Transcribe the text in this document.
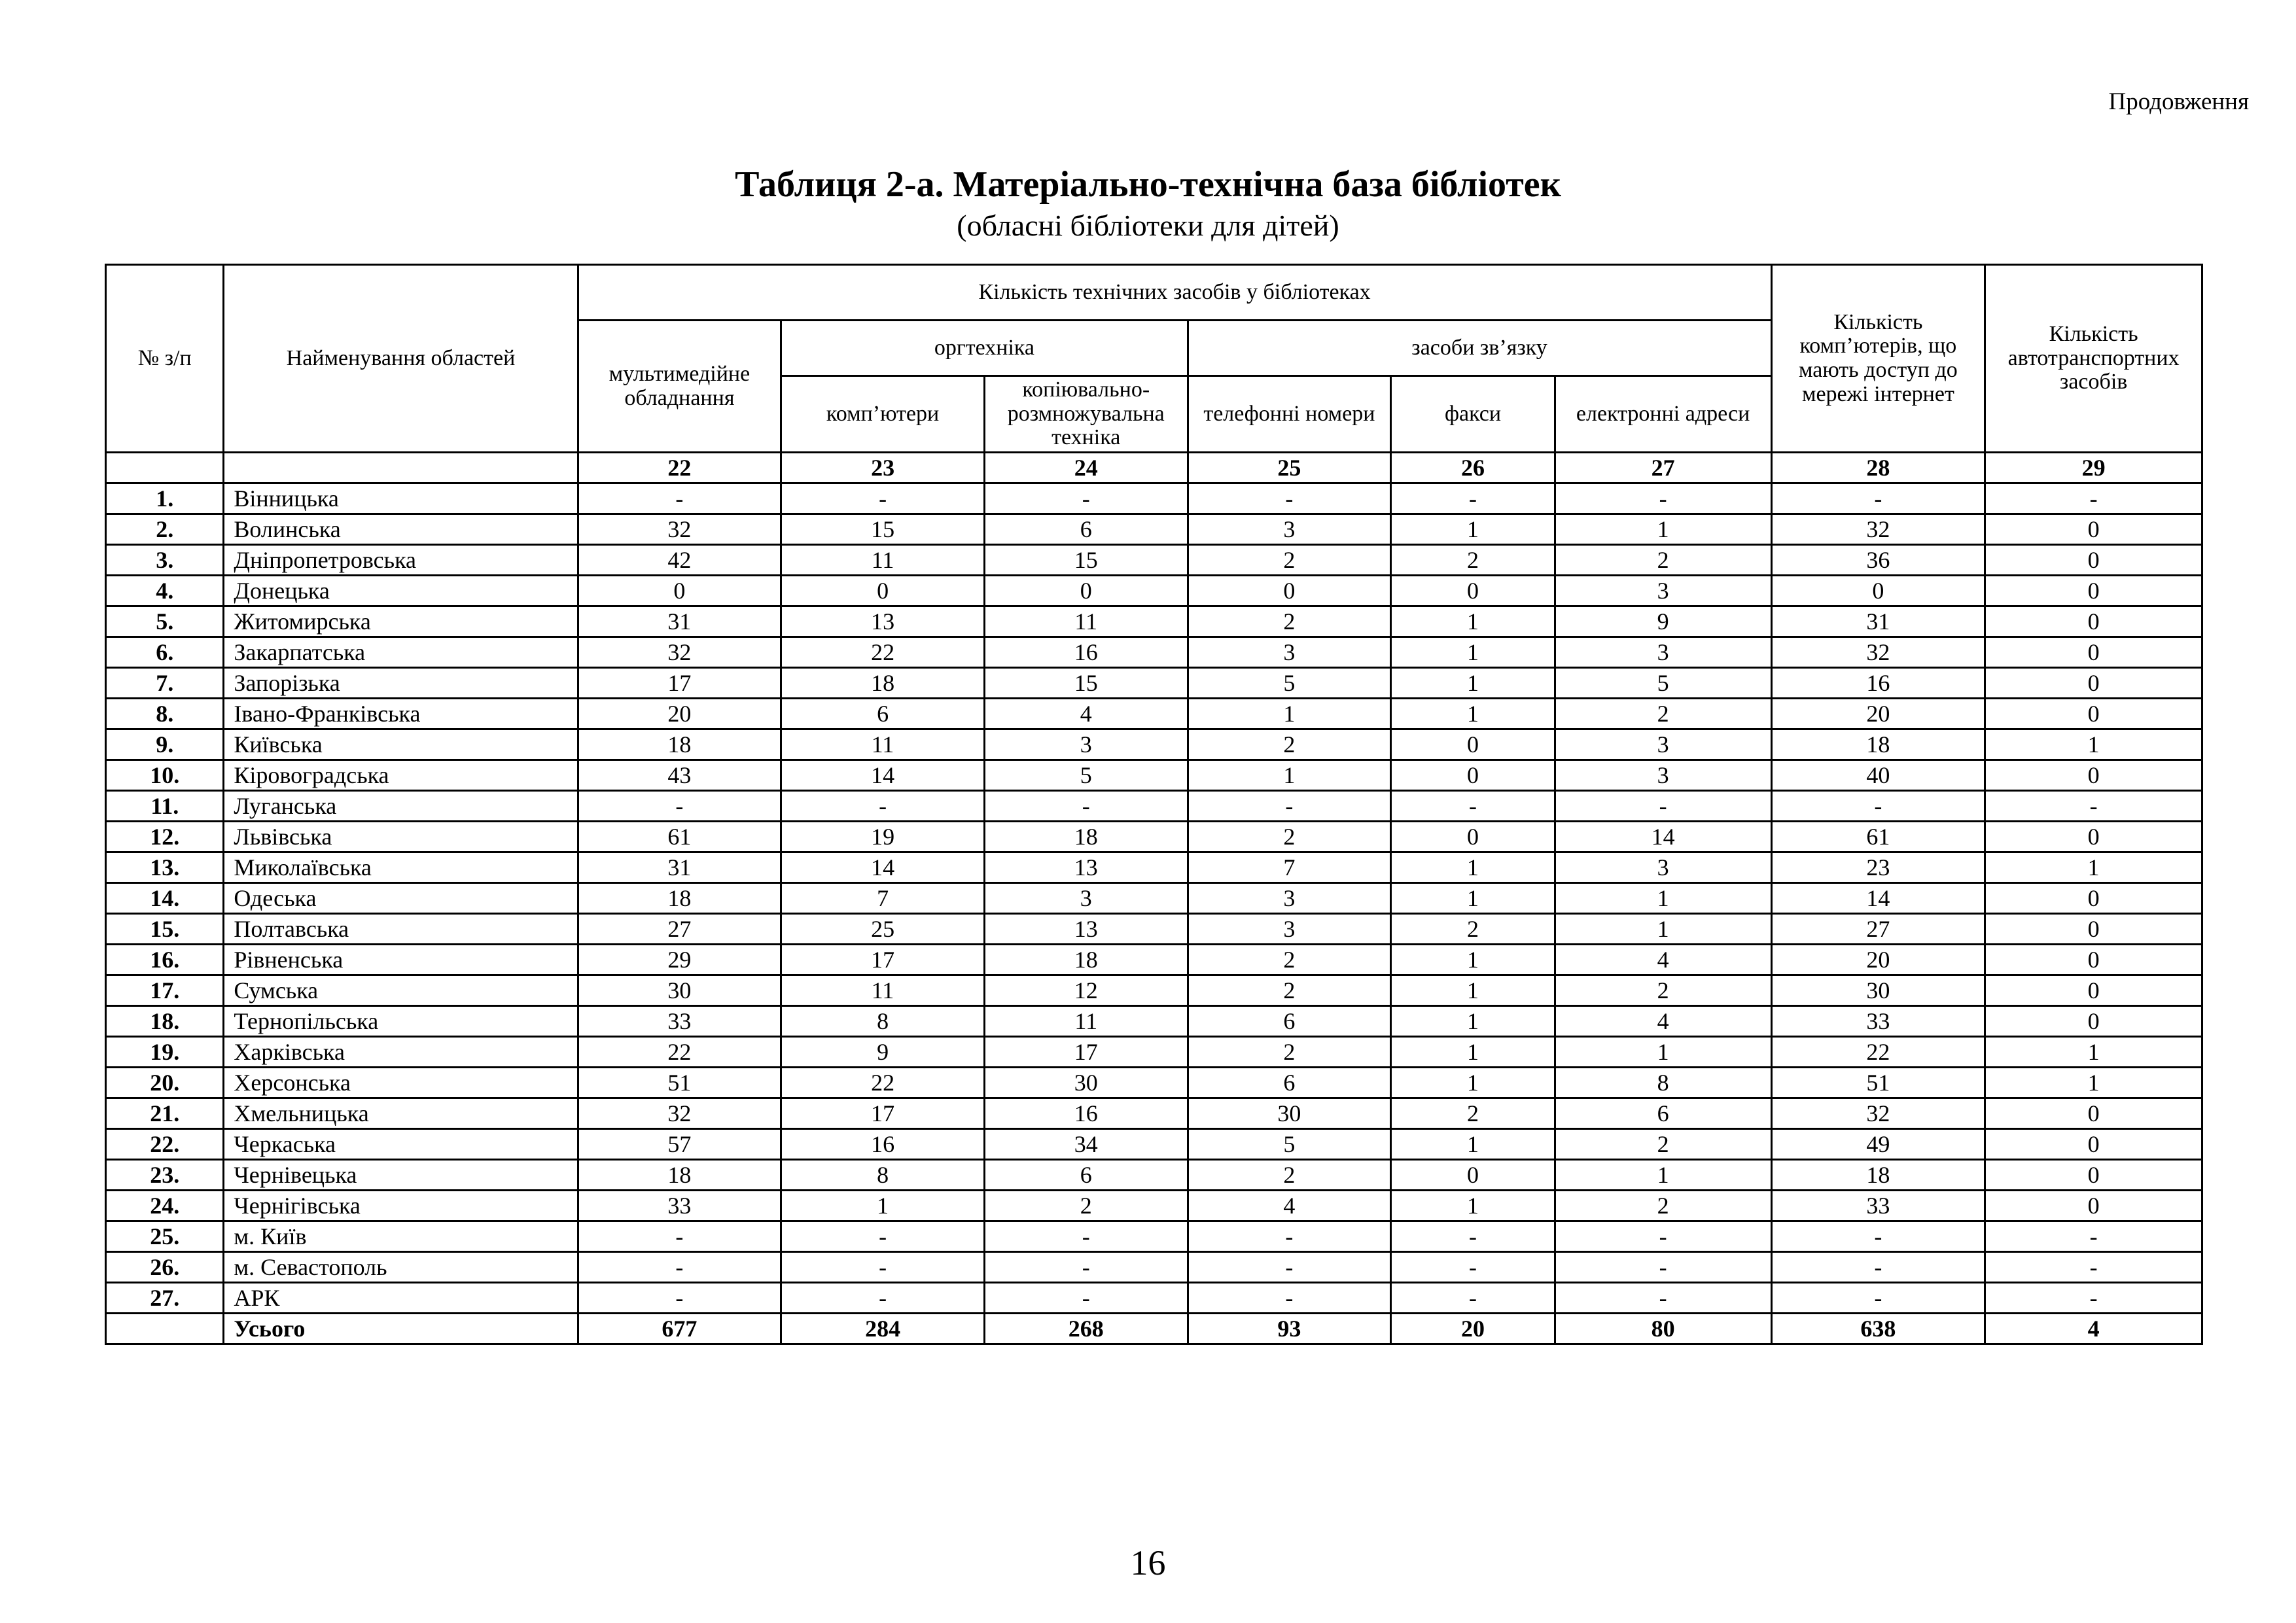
Продовження
Таблиця 2-а. Матеріально-технічна база бібліотек
(обласні бібліотеки для дітей)
№ з/п	Найменування областей	Кількість технічних засобів у бібліотеках						Кількість комп’ютерів, що мають доступ до мережі інтернет	Кількість автотранспортних засобів
		мультимедійне обладнання	оргтехніка		засоби зв’язку				
			комп’ютери	копіювально-розмножувальна техніка	телефонні номери	факси	електронні адреси		
		22	23	24	25	26	27	28	29
1.	Вінницька	-	-	-	-	-	-	-	-
2.	Волинська	32	15	6	3	1	1	32	0
3.	Дніпропетровська	42	11	15	2	2	2	36	0
4.	Донецька	0	0	0	0	0	3	0	0
5.	Житомирська	31	13	11	2	1	9	31	0
6.	Закарпатська	32	22	16	3	1	3	32	0
7.	Запорізька	17	18	15	5	1	5	16	0
8.	Івано-Франківська	20	6	4	1	1	2	20	0
9.	Київська	18	11	3	2	0	3	18	1
10.	Кіровоградська	43	14	5	1	0	3	40	0
11.	Луганська	-	-	-	-	-	-	-	-
12.	Львівська	61	19	18	2	0	14	61	0
13.	Миколаївська	31	14	13	7	1	3	23	1
14.	Одеська	18	7	3	3	1	1	14	0
15.	Полтавська	27	25	13	3	2	1	27	0
16.	Рівненська	29	17	18	2	1	4	20	0
17.	Сумська	30	11	12	2	1	2	30	0
18.	Тернопільська	33	8	11	6	1	4	33	0
19.	Харківська	22	9	17	2	1	1	22	1
20.	Херсонська	51	22	30	6	1	8	51	1
21.	Хмельницька	32	17	16	30	2	6	32	0
22.	Черкаська	57	16	34	5	1	2	49	0
23.	Чернівецька	18	8	6	2	0	1	18	0
24.	Чернігівська	33	1	2	4	1	2	33	0
25.	м. Київ	-	-	-	-	-	-	-	-
26.	м. Севастополь	-	-	-	-	-	-	-	-
27.	АРК	-	-	-	-	-	-	-	-
	Усього	677	284	268	93	20	80	638	4
16
